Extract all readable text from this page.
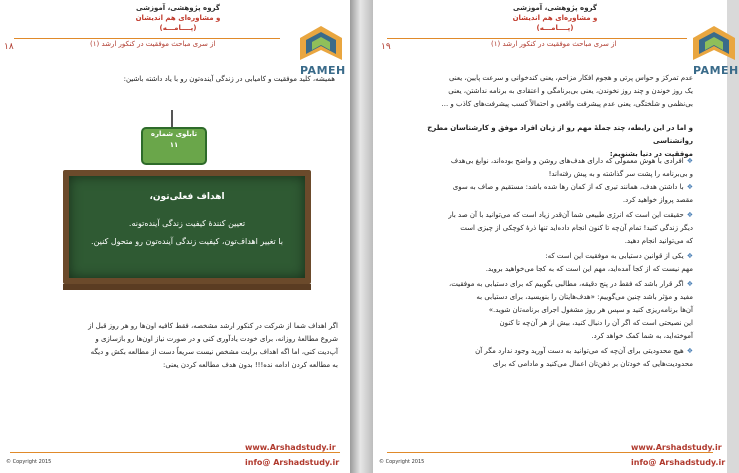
گروه پژوهشی، آموزشی
و مشاوره‌ای هم اندیشان
(پــــامـــه)
۱۸	از سری مباحث موفقیت در کنکور ارشد (۱)
PAMEH
همیشه، کلید موفقیت و کامیابی در زندگی آینده‌تون رو با یاد داشته باشین:
تابلوی شماره
۱۱
اهداف فعلی‌تون،
تعیین کنندهٔ کیفیت زندگی آینده‌تونه.
با تغییر اهداف‌تون، کیفیت زندگی آینده‌تون رو متحول کنین.
اگر اهداف شما از شرکت در کنکور ارشد مشخصه، فقط کافیه اون‌ها رو هر روز قبل از
شروع مطالعهٔ روزانه، برای خودت یادآوری کنی و در صورت نیاز اون‌ها رو بازسازی و
آپ‌دیت کنی، اما اگه اهداف برایت مشخص نیست سریعاً دست از مطالعه بکش و دیگه
به مطالعه کردن ادامه نده!!! بدون هدف مطالعه کردن یعنی:
www.Arshadstudy.ir
info@ Arshadstudy.ir
© Copyright 2015
گروه پژوهشی، آموزشی
و مشاوره‌ای هم اندیشان
(پــــامـــه)
۱۹	از سری مباحث موفقیت در کنکور ارشد (۱)
PAMEH
عدم تمرکز و حواس پرتی و هجوم افکار مزاحم، یعنی کندخوانی و سرعت پایین، یعنی
یک روز خوندن و چند روز نخوندن، یعنی بی‌برنامگی و اعتقادی به برنامه نداشتن، یعنی
بی‌نظمی و شلختگی، یعنی عدم پیشرفت واقعی و احتمالاً کسب پیشرفت‌های کاذب و ...
و اما در این رابطه، چند جملهٔ مهم رو از زبان افراد موفق و کارشناسان مطرح روانشناسی
موفقیت در دنیا بشنویم:
❖افرادی با هوش معمولی که دارای هدف‌های روشن و واضح بوده‌اند، نوابغ بی‌هدف
و بی‌برنامه را پشت سر گذاشته و به پیش رفته‌اند!
❖با داشتن هدف، همانند تیری که از کمان رها شده باشد: مستقیم و صاف به سوی
مقصد پرواز خواهید کرد.
❖حقیقت این است که انرژی طبیعی شما آن‌قدر زیاد است که می‌توانید با آن صد بار
دیگر زندگی کنید! تمام آن‌چه تا کنون انجام داده‌اید تنها ذرهٔ کوچکی از چیزی است
که می‌توانید انجام دهید.
❖یکی از قوانین دستیابی به موفقیت این است که:
مهم نیست که از کجا آمده‌اید، مهم این است که به کجا می‌خواهید بروید.
❖اگر قرار باشد که فقط در پنج دقیقه، مطالبی بگوییم که برای دستیابی به موفقیت،
مفید و مؤثر باشد چنین می‌گوییم: «هدف‌هایتان را بنویسید، برای دستیابی به
آن‌ها برنامه‌ریزی کنید و سپس هر روز مشغول اجرای برنامه‌تان شوید.»
این نصیحتی است که اگر آن را دنبال کنید، بیش از هر آن‌چه تا کنون
آموخته‌اید، به شما کمک خواهد کرد.
❖هیچ محدودیتی برای آن‌چه که می‌توانید به دست آورید وجود ندارد مگر آن
محدودیت‌هایی که خودتان بر ذهن‌تان اعمال می‌کنید و مادامی که برای
www.Arshadstudy.ir
info@ Arshadstudy.ir
© Copyright 2015
